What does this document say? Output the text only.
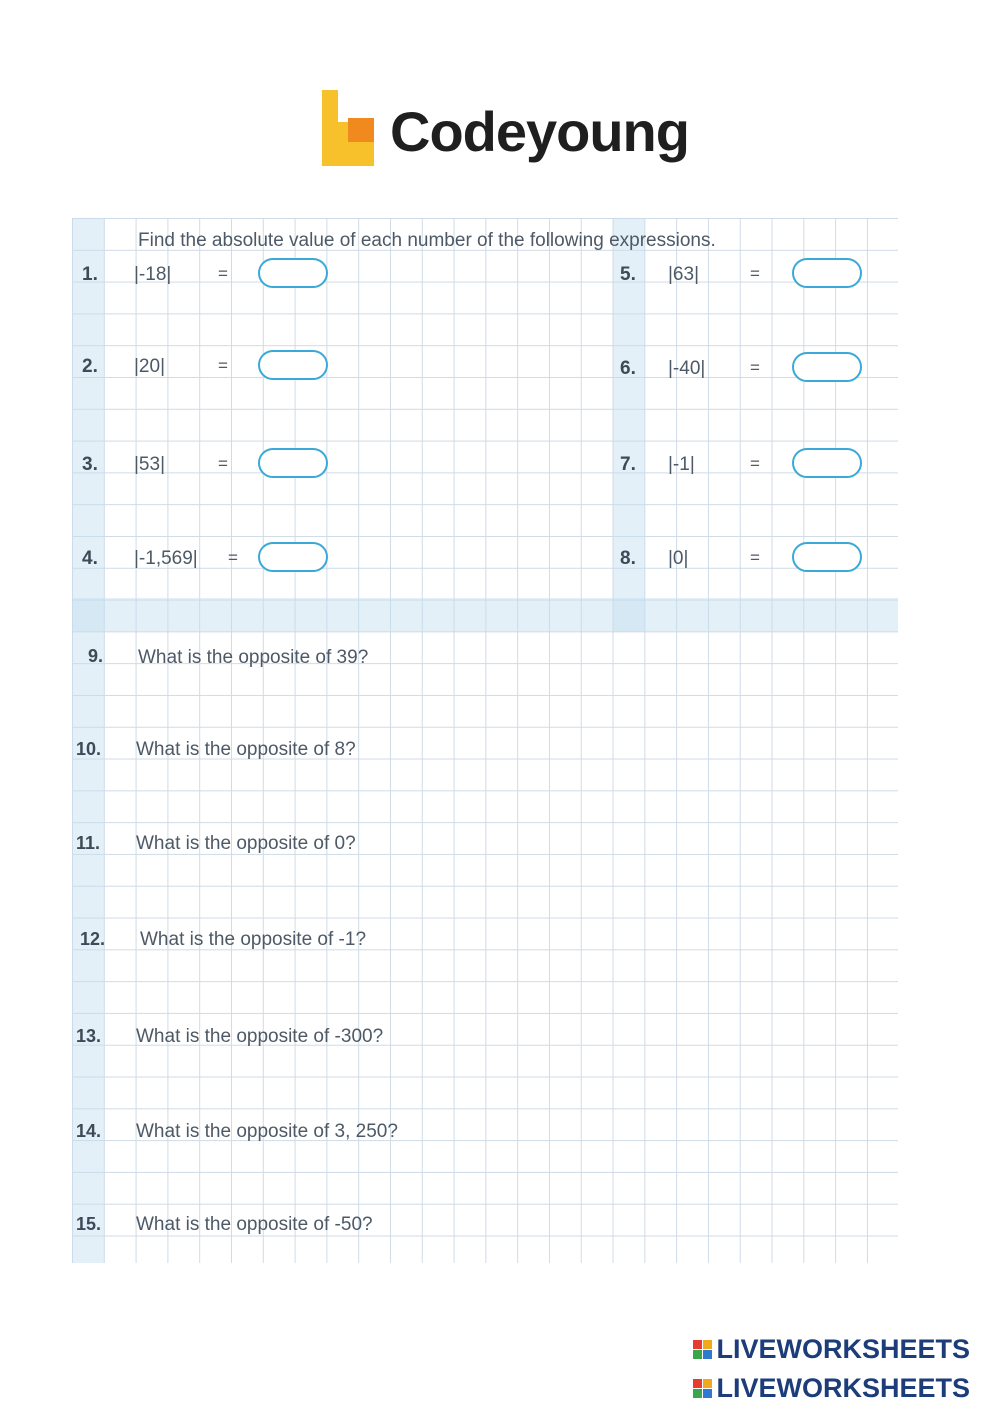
Codeyoung
Find the absolute value of each number of the following expressions.
1. |-18|	=
2. |20|	=
3. |53|	=
4. |-1,569| =
5. |63|	=
6. |-40|	=
7. |-1|	=
8. |0|	=
9. What is the opposite of 39?
10. What is the opposite of 8?
11. What is the opposite of 0?
12. What is the opposite of -1?
13. What is the opposite of -300?
14. What is the opposite of 3, 250?
15. What is the opposite of -50?
LIVEWORKSHEETS
LIVEWORKSHEETS
